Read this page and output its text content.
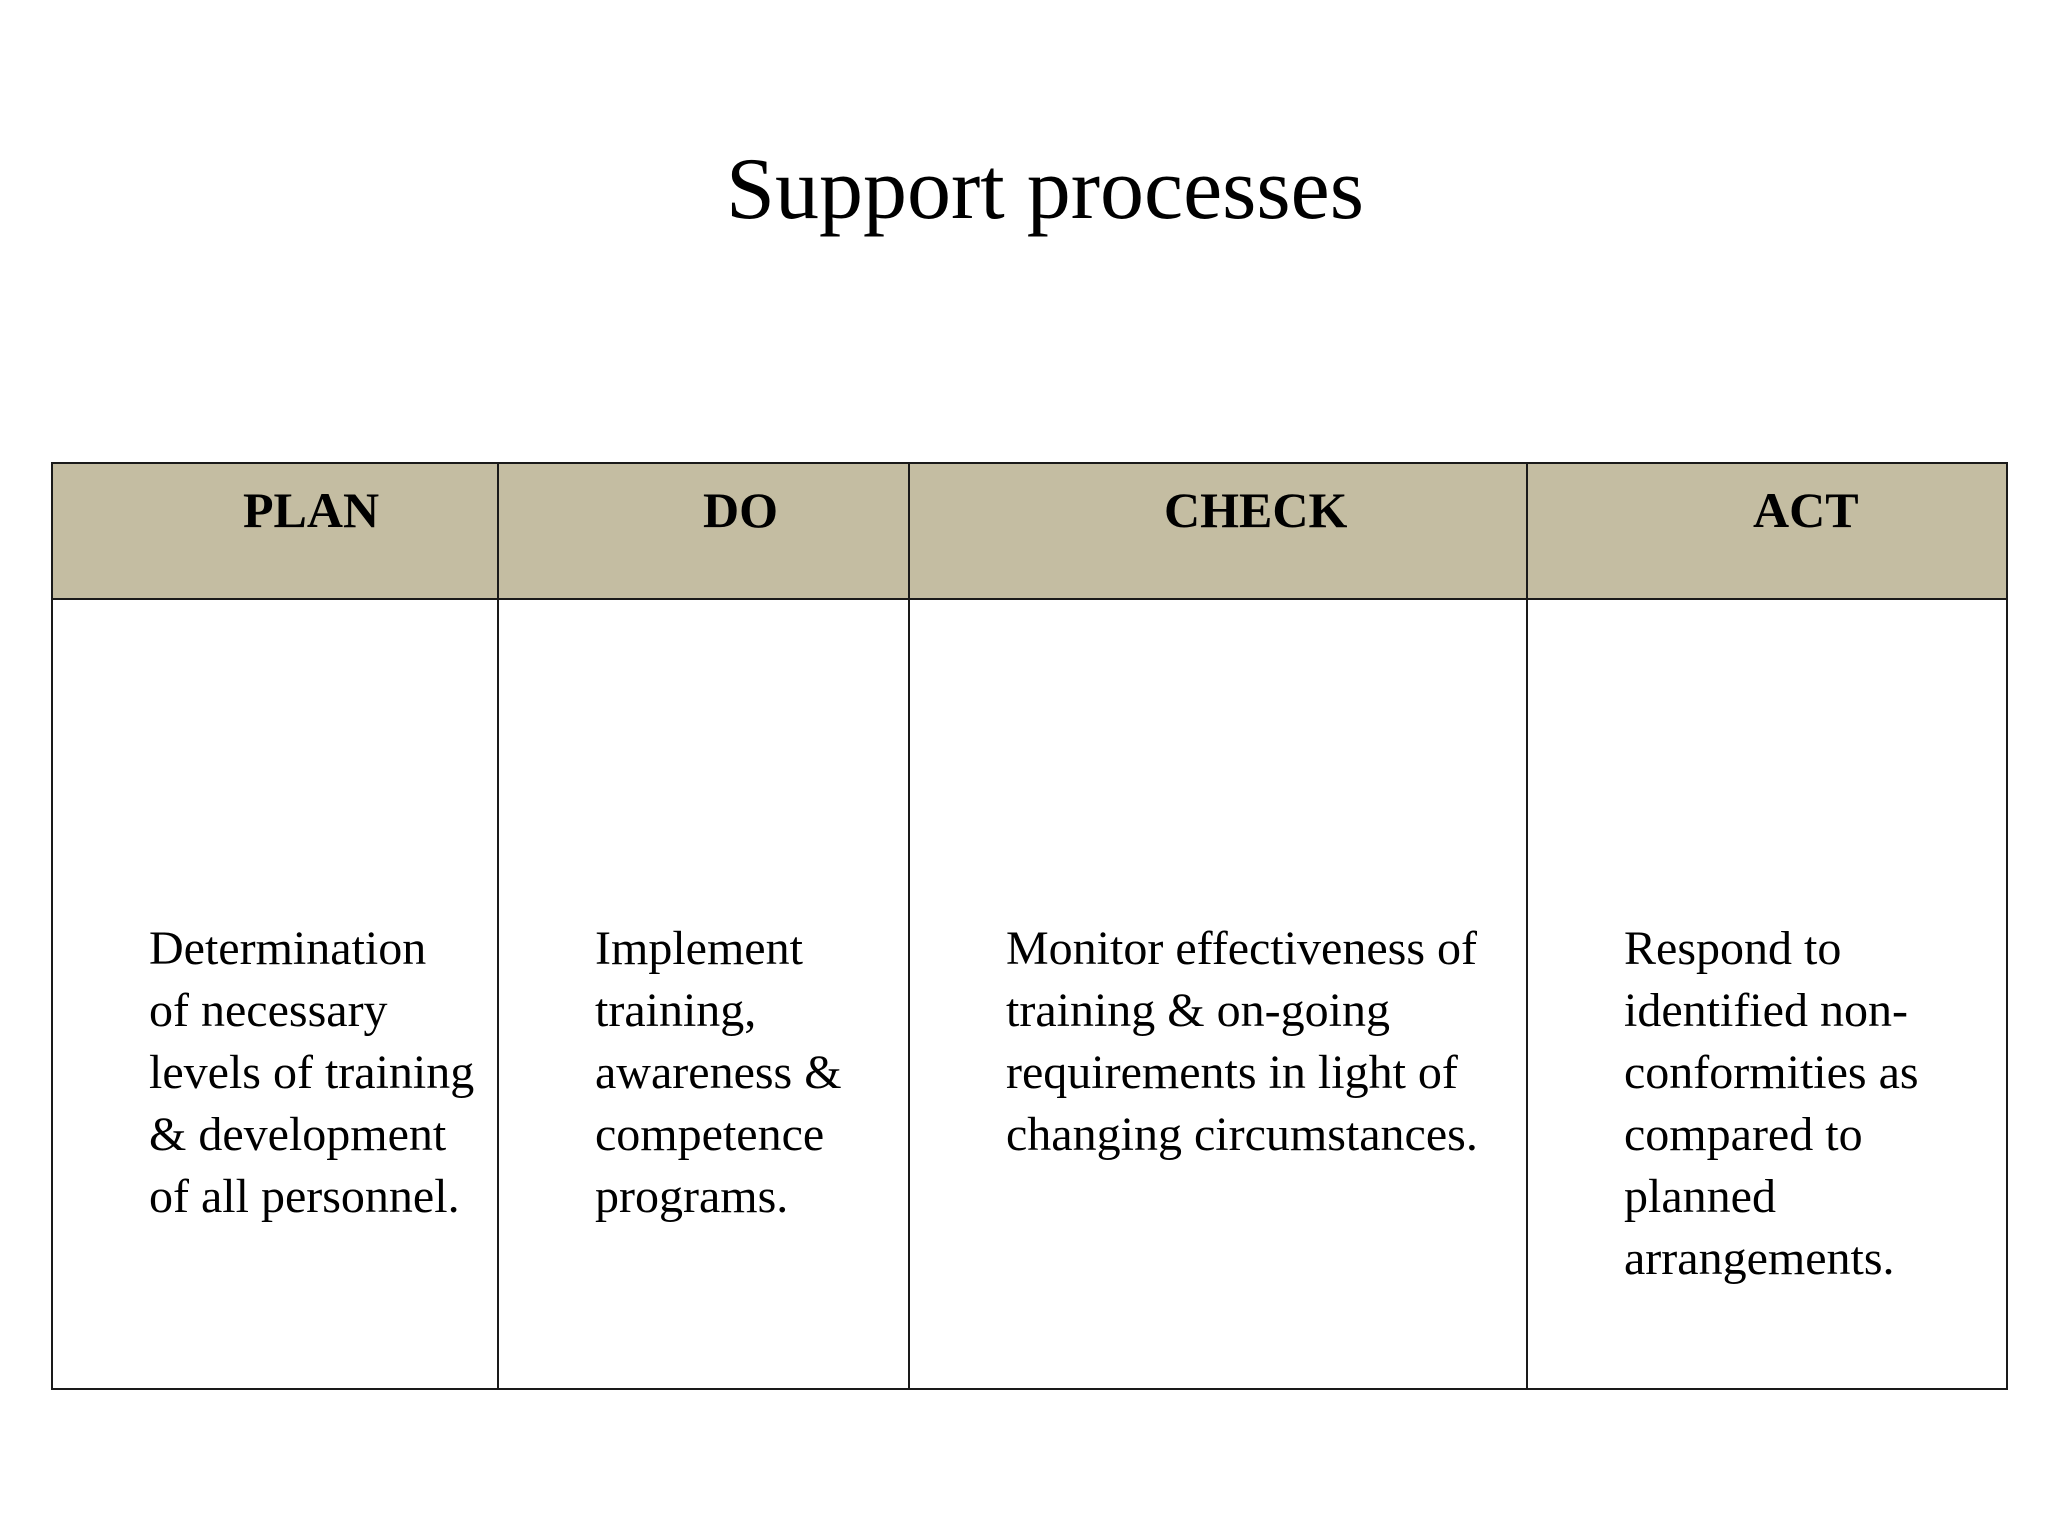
Support processes
PLAN	DO	CHECK	ACT
Determination of necessary levels of training & development of all personnel.	Implement training, awareness & competence programs.	Monitor effectiveness of training & on-going requirements in light of changing circumstances.	Respond to identified non-conformities as compared to planned arrangements.
